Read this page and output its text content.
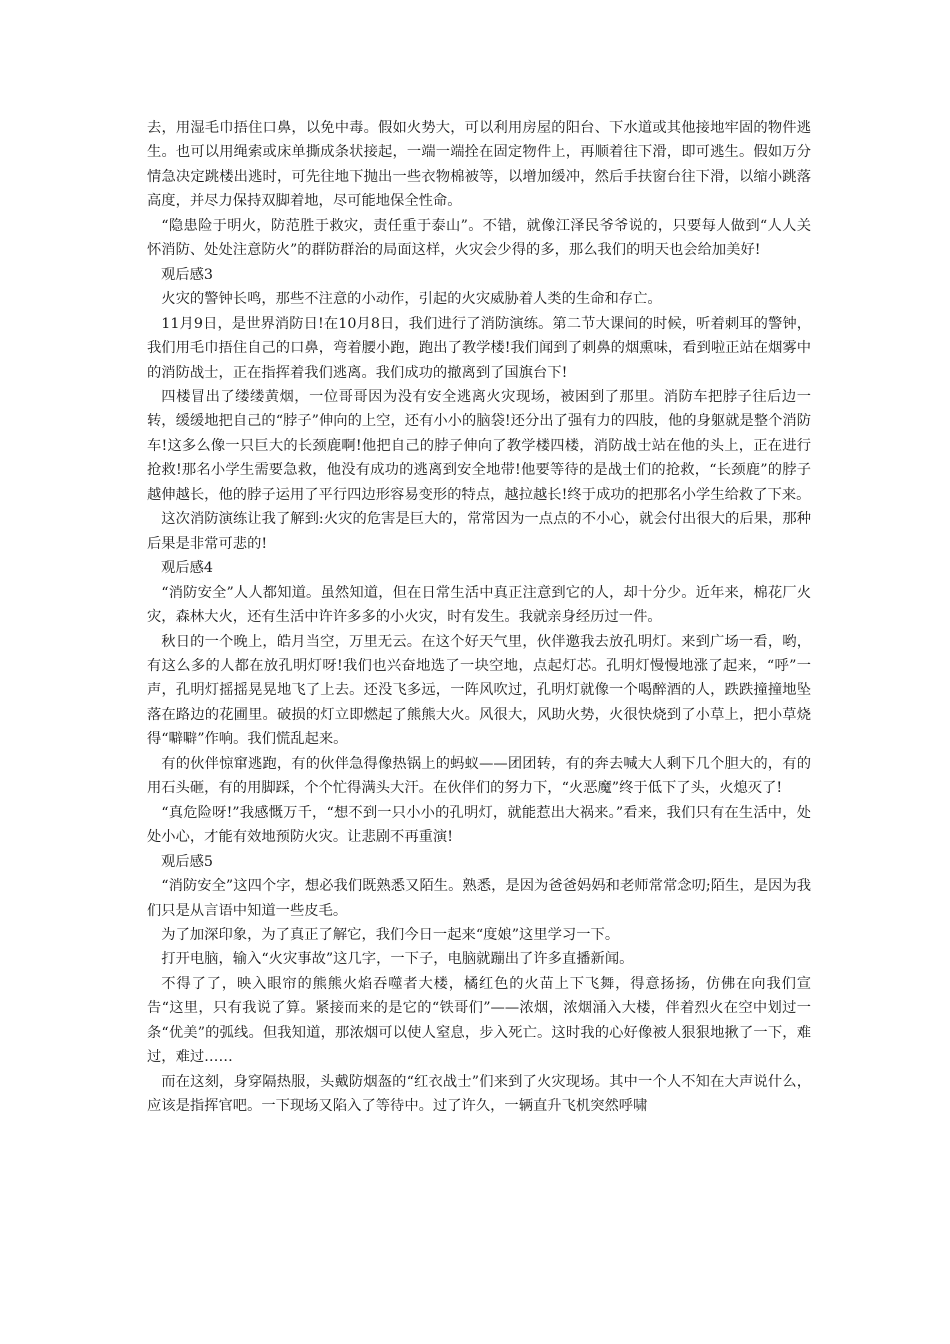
去，用湿毛巾捂住口鼻，以免中毒。假如火势大，可以利用房屋的阳台、下水道或其他接地牢固的物件逃生。也可以用绳索或床单撕成条状接起，一端一端拴在固定物件上，再顺着往下滑，即可逃生。假如万分情急决定跳楼出逃时，可先往地下抛出一些衣物棉被等，以增加缓冲，然后手扶窗台往下滑，以缩小跳落高度，并尽力保持双脚着地，尽可能地保全性命。

“隐患险于明火，防范胜于救灾，责任重于泰山”。不错，就像江泽民爷爷说的，只要每人做到“人人关怀消防、处处注意防火”的群防群治的局面这样，火灾会少得的多，那么我们的明天也会给加美好!

观后感3

火灾的警钟长鸣，那些不注意的小动作，引起的火灾威胁着人类的生命和存亡。

11月9日，是世界消防日!在10月8日，我们进行了消防演练。第二节大课间的时候，听着刺耳的警钟，我们用毛巾捂住自己的口鼻，弯着腰小跑，跑出了教学楼!我们闻到了刺鼻的烟熏味，看到啦正站在烟雾中的消防战士，正在指挥着我们逃离。我们成功的撤离到了国旗台下!

四楼冒出了缕缕黄烟，一位哥哥因为没有安全逃离火灾现场，被困到了那里。消防车把脖子往后边一转，缓缓地把自己的“脖子”伸向的上空，还有小小的脑袋!还分出了强有力的四肢，他的身躯就是整个消防车!这多么像一只巨大的长颈鹿啊!他把自己的脖子伸向了教学楼四楼，消防战士站在他的头上，正在进行抢救!那名小学生需要急救，他没有成功的逃离到安全地带!他要等待的是战士们的抢救，“长颈鹿”的脖子越伸越长，他的脖子运用了平行四边形容易变形的特点，越拉越长!终于成功的把那名小学生给救了下来。

这次消防演练让我了解到:火灾的危害是巨大的，常常因为一点点的不小心，就会付出很大的后果，那种后果是非常可悲的!

观后感4

“消防安全”人人都知道。虽然知道，但在日常生活中真正注意到它的人，却十分少。近年来，棉花厂火灾，森林大火，还有生活中许许多多的小火灾，时有发生。我就亲身经历过一件。

秋日的一个晚上，皓月当空，万里无云。在这个好天气里，伙伴邀我去放孔明灯。来到广场一看，哟，有这么多的人都在放孔明灯呀!我们也兴奋地选了一块空地，点起灯芯。孔明灯慢慢地涨了起来，“呼”一声，孔明灯摇摇晃晃地飞了上去。还没飞多远，一阵风吹过，孔明灯就像一个喝醉酒的人，跌跌撞撞地坠落在路边的花圃里。破损的灯立即燃起了熊熊大火。风很大，风助火势，火很快烧到了小草上，把小草烧得“噼噼”作响。我们慌乱起来。

有的伙伴惊窜逃跑，有的伙伴急得像热锅上的蚂蚁——团团转，有的奔去喊大人剩下几个胆大的，有的用石头砸，有的用脚踩，个个忙得满头大汗。在伙伴们的努力下，“火恶魔”终于低下了头，火熄灭了!

“真危险呀!”我感慨万千，“想不到一只小小的孔明灯，就能惹出大祸来。”看来，我们只有在生活中，处处小心，才能有效地预防火灾。让悲剧不再重演!

观后感5

“消防安全”这四个字，想必我们既熟悉又陌生。熟悉，是因为爸爸妈妈和老师常常念叨;陌生，是因为我们只是从言语中知道一些皮毛。

为了加深印象，为了真正了解它，我们今日一起来“度娘”这里学习一下。

打开电脑，输入“火灾事故”这几字，一下子，电脑就蹦出了许多直播新闻。

不得了了，映入眼帘的熊熊火焰吞噬者大楼，橘红色的火苗上下飞舞，得意扬扬，仿佛在向我们宣告“这里，只有我说了算。紧接而来的是它的“铁哥们”——浓烟，浓烟涌入大楼，伴着烈火在空中划过一条“优美”的弧线。但我知道，那浓烟可以使人窒息，步入死亡。这时我的心好像被人狠狠地揪了一下，难过，难过……

而在这刻，身穿隔热服，头戴防烟盔的“红衣战士”们来到了火灾现场。其中一个人不知在大声说什么，应该是指挥官吧。一下现场又陷入了等待中。过了许久，一辆直升飞机突然呼啸
